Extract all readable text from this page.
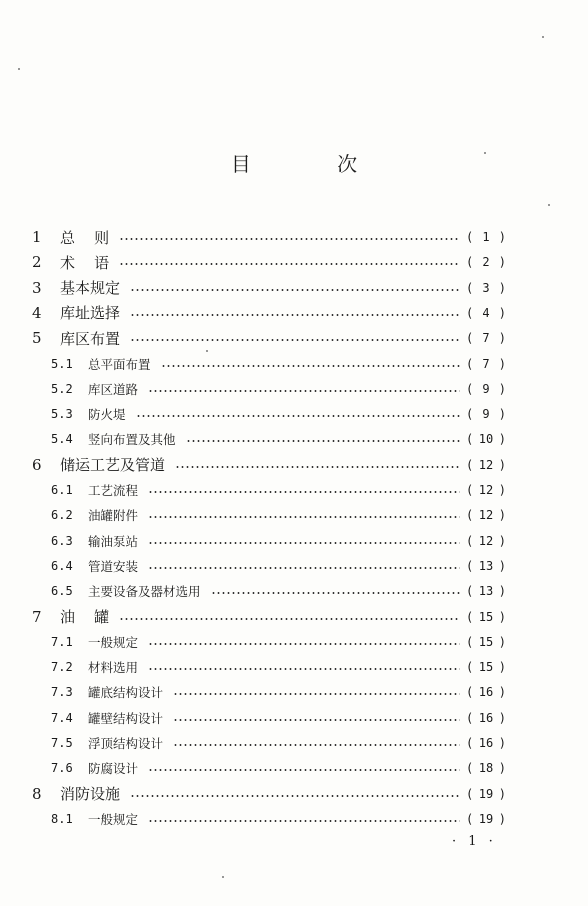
目 次
1 总    则	( 1 )
2 术    语	( 2 )
3 基本规定	( 3 )
4 库址选择	( 4 )
5 库区布置	( 7 )
5.1 总平面布置	( 7 )
5.2 库区道路	( 9 )
5.3 防火堤	( 9 )
5.4 竖向布置及其他	( 10 )
6 储运工艺及管道	( 12 )
6.1 工艺流程	( 12 )
6.2 油罐附件	( 12 )
6.3 输油泵站	( 12 )
6.4 管道安装	( 13 )
6.5 主要设备及器材选用	( 13 )
7 油    罐	( 15 )
7.1 一般规定	( 15 )
7.2 材料选用	( 15 )
7.3 罐底结构设计	( 16 )
7.4 罐壁结构设计	( 16 )
7.5 浮顶结构设计	( 16 )
7.6 防腐设计	( 18 )
8 消防设施	( 19 )
8.1 一般规定	( 19 )
· 1 ·
